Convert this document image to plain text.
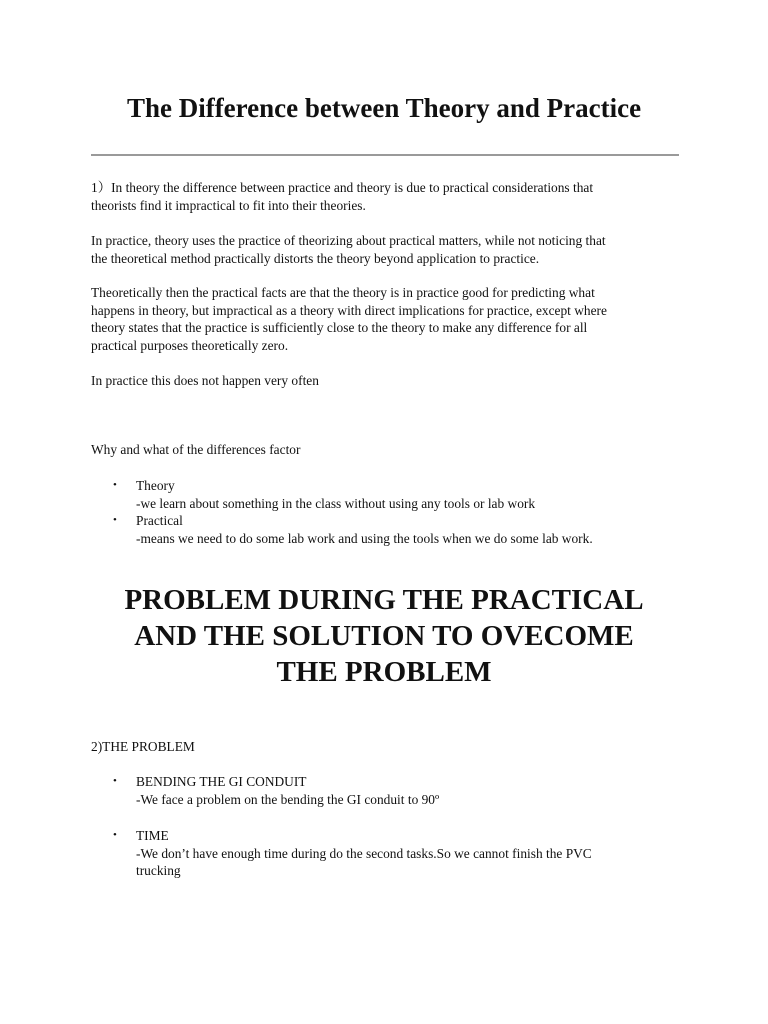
The Difference between Theory and Practice

1）In theory the difference between practice and theory is due to practical considerations that
theorists find it impractical to fit into their theories.

In practice, theory uses the practice of theorizing about practical matters, while not noticing that
the theoretical method practically distorts the theory beyond application to practice.

Theoretically then the practical facts are that the theory is in practice good for predicting what
happens in theory, but impractical as a theory with direct implications for practice, except where
theory states that the practice is sufficiently close to the theory to make any difference for all
practical purposes theoretically zero.

In practice this does not happen very often

Why and what of the differences factor

• Theory
-we learn about something in the class without using any tools or lab work
• Practical
-means we need to do some lab work and using the tools when we do some lab work.
PROBLEM DURING THE PRACTICAL
AND THE SOLUTION TO OVECOME
THE PROBLEM

2)THE PROBLEM

• BENDING THE GI CONDUIT
-We face a problem on the bending the GI conduit to 90º
• TIME
-We don’t have enough time during do the second tasks.So we cannot finish the PVC
trucking
